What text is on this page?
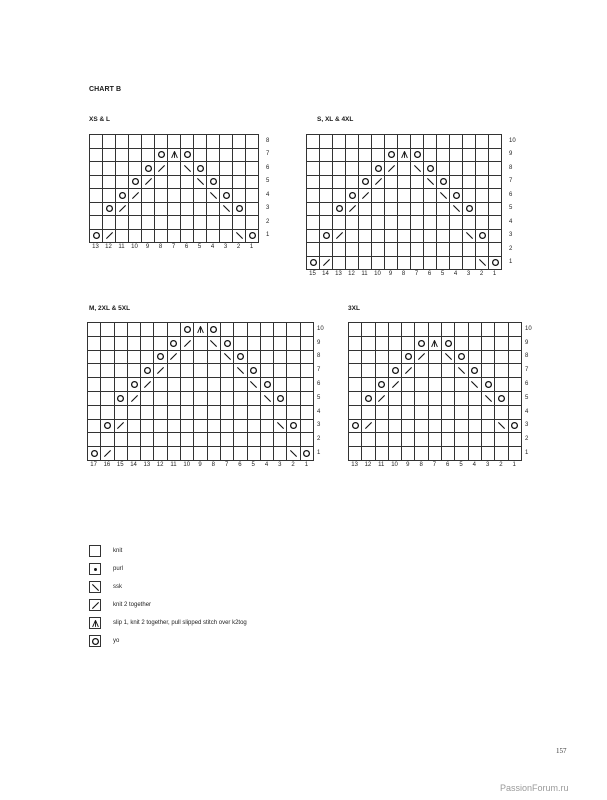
CHART B
XS & L
8
7
6
5
4
3
2
1
13	12	11	10	9	8	7	6	5	4	3	2	1
S, XL & 4XL
10
9
8
7
6
5
4
3
2
1
15	14	13	12	11	10	9	8	7	6	5	4	3	2	1
M, 2XL & 5XL
10
9
8
7
6
5
4
3
2
1
17	16	15	14	13	12	11	10	9	8	7	6	5	4	3	2	1
3XL
10
9
8
7
6
5
4
3
2
1
13	12	11	10	9	8	7	6	5	4	3	2	1
knit
purl
ssk
knit 2 together
slip 1, knit 2 together, pull slipped stitch over k2tog
yo
157
PassionForum.ru
